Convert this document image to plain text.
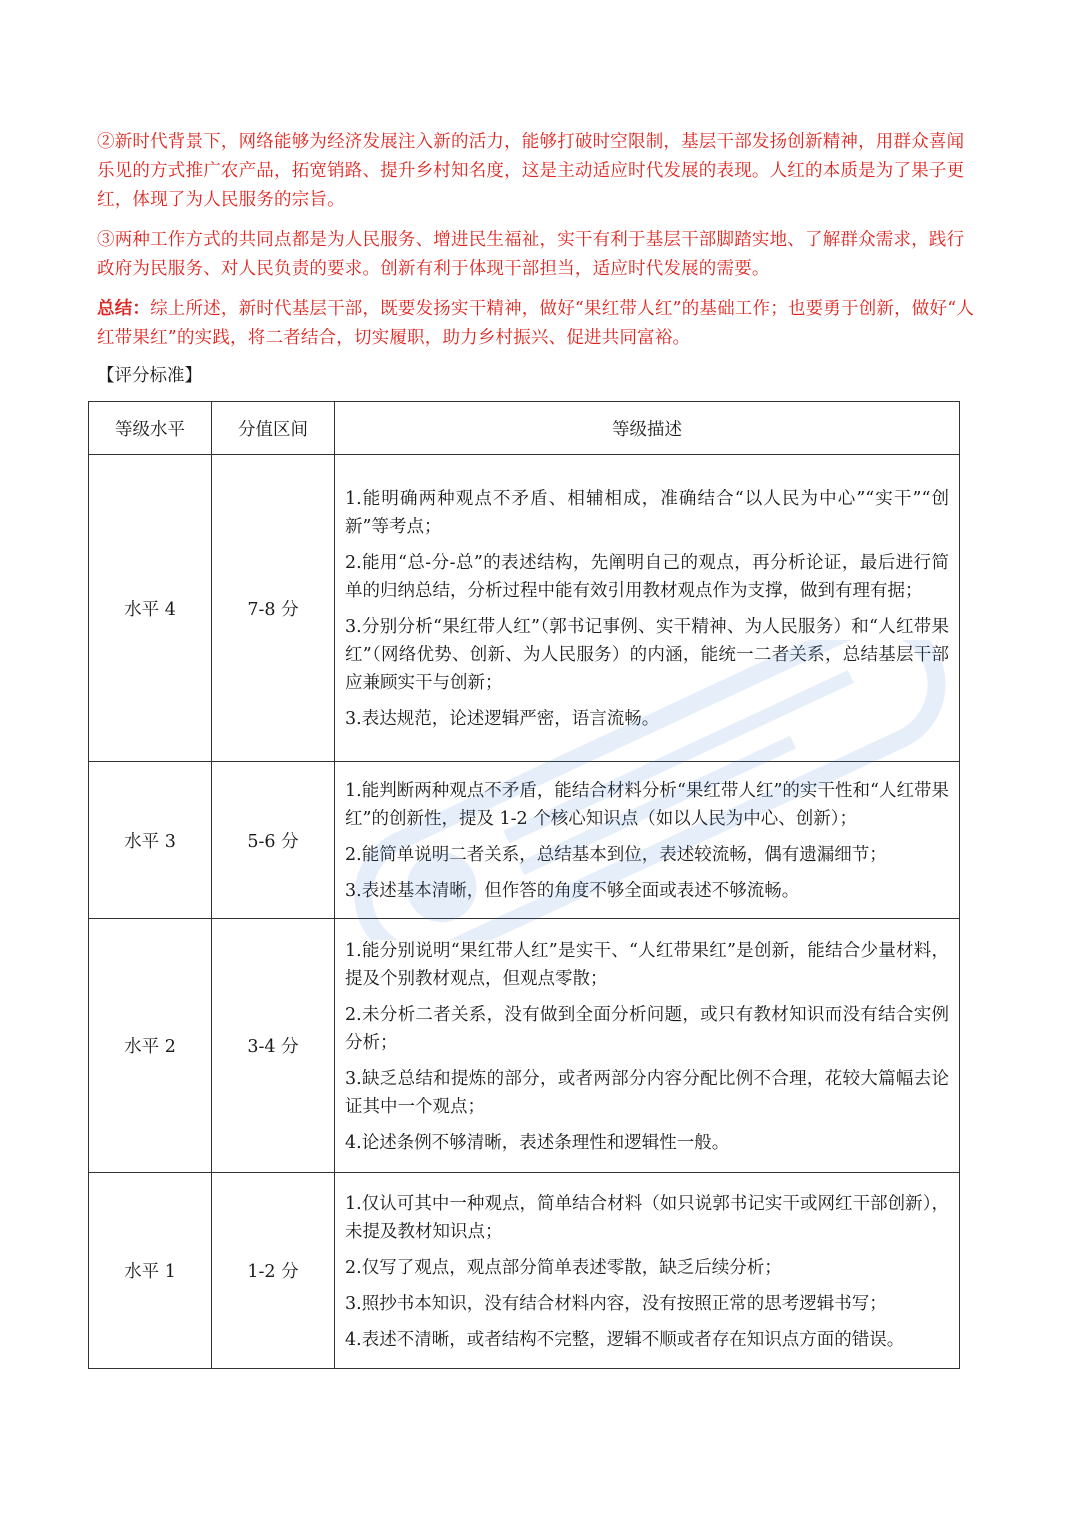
②新时代背景下，网络能够为经济发展注入新的活力，能够打破时空限制，基层干部发扬创新精神，用群众喜闻乐见的方式推广农产品，拓宽销路、提升乡村知名度，这是主动适应时代发展的表现。人红的本质是为了果子更红，体现了为人民服务的宗旨。
③两种工作方式的共同点都是为人民服务、增进民生福祉，实干有利于基层干部脚踏实地、了解群众需求，践行政府为民服务、对人民负责的要求。创新有利于体现干部担当，适应时代发展的需要。
总结：综上所述，新时代基层干部，既要发扬实干精神，做好“果红带人红”的基础工作；也要勇于创新，做好“人红带果红”的实践，将二者结合，切实履职，助力乡村振兴、促进共同富裕。
【评分标准】
等级水平	分值区间	等级描述
水平 4	7-8 分	1.能明确两种观点不矛盾、相辅相成，准确结合“以人民为中心”“实干”“创新”等考点；
2.能用“总-分-总”的表述结构，先阐明自己的观点，再分析论证，最后进行简单的归纳总结，分析过程中能有效引用教材观点作为支撑，做到有理有据；
3.分别分析“果红带人红”（郭书记事例、实干精神、为人民服务）和“人红带果红”（网络优势、创新、为人民服务）的内涵，能统一二者关系，总结基层干部应兼顾实干与创新；
3.表达规范，论述逻辑严密，语言流畅。

水平 3	5-6 分	1.能判断两种观点不矛盾，能结合材料分析“果红带人红”的实干性和“人红带果红”的创新性，提及 1-2 个核心知识点（如以人民为中心、创新）；
2.能简单说明二者关系，总结基本到位，表述较流畅，偶有遗漏细节；
3.表述基本清晰，但作答的角度不够全面或表述不够流畅。

水平 2	3-4 分	1.能分别说明“果红带人红”是实干、“人红带果红”是创新，能结合少量材料，提及个别教材观点，但观点零散；
2.未分析二者关系，没有做到全面分析问题，或只有教材知识而没有结合实例分析；
3.缺乏总结和提炼的部分，或者两部分内容分配比例不合理，花较大篇幅去论证其中一个观点；
4.论述条例不够清晰，表述条理性和逻辑性一般。

水平 1	1-2 分	1.仅认可其中一种观点，简单结合材料（如只说郭书记实干或网红干部创新），未提及教材知识点；
2.仅写了观点，观点部分简单表述零散，缺乏后续分析；
3.照抄书本知识，没有结合材料内容，没有按照正常的思考逻辑书写；
4.表述不清晰，或者结构不完整，逻辑不顺或者存在知识点方面的错误。
